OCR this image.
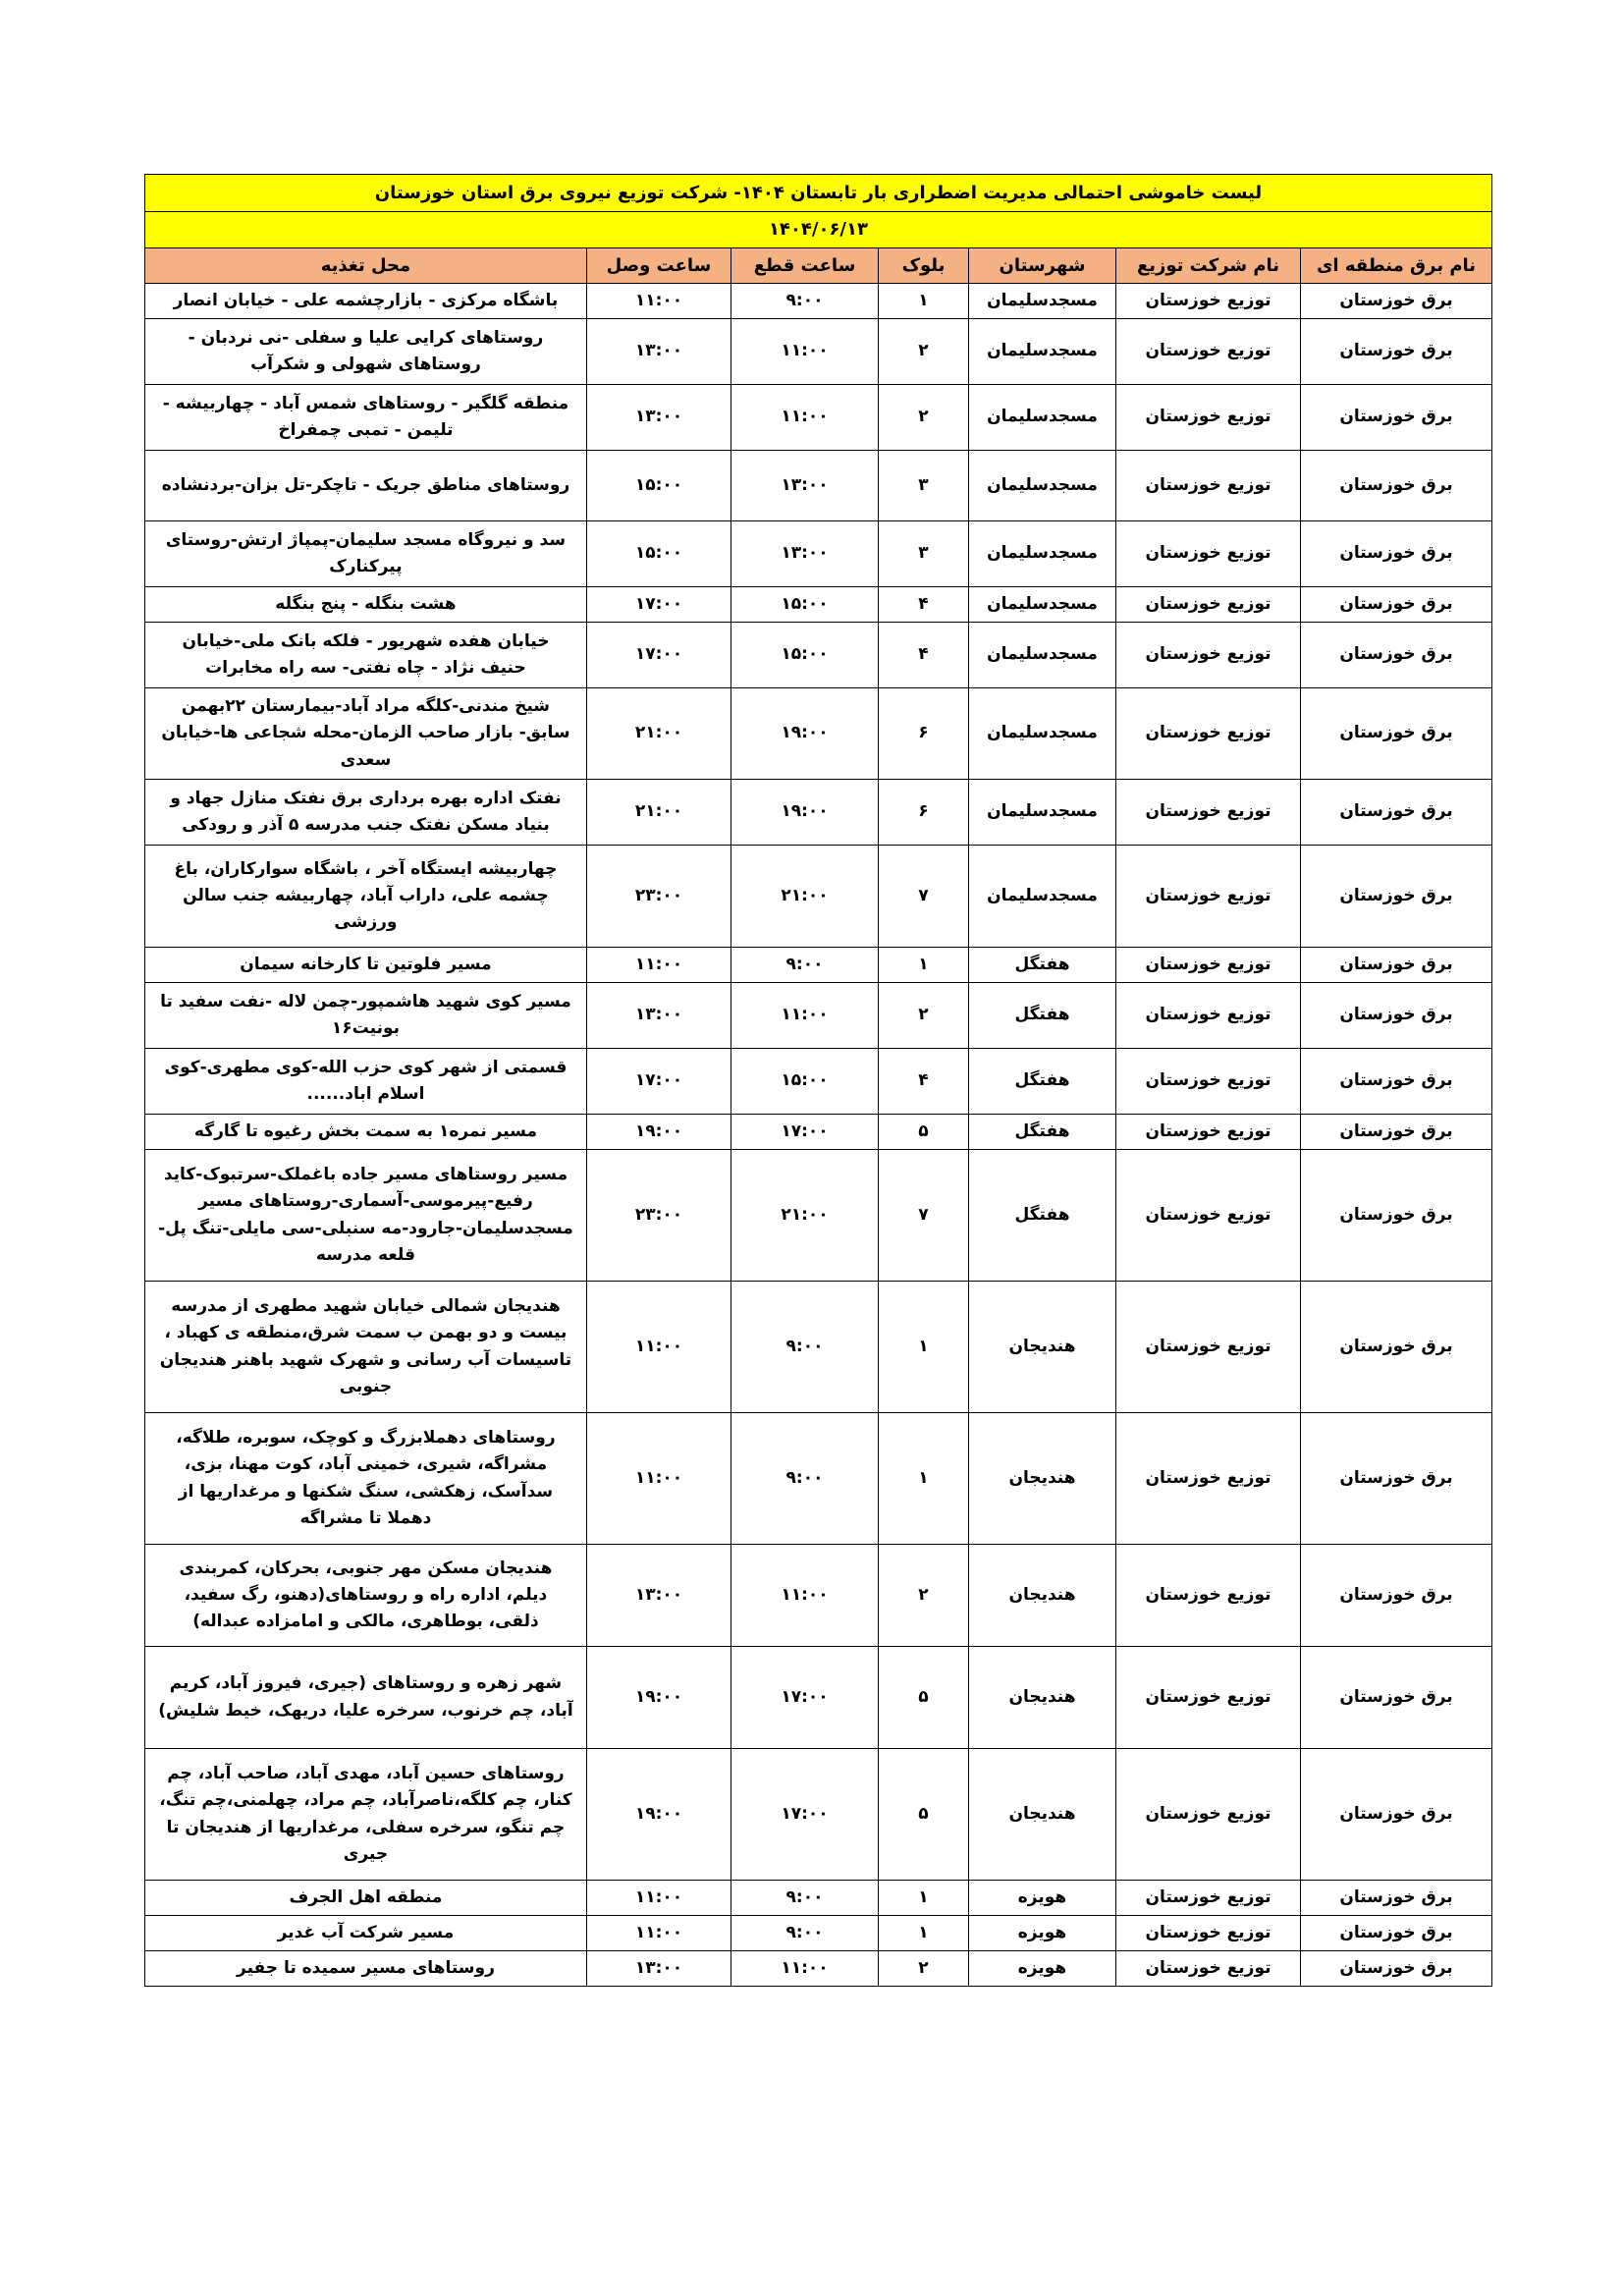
لیست خاموشی احتمالی مدیریت اضطراری بار تابستان ۱۴۰۴- شرکت توزیع نیروی برق استان خوزستان						
۱۴۰۴/۰۶/۱۳						
نام برق منطقه ای	نام شرکت توزیع	شهرستان	بلوک	ساعت قطع	ساعت وصل	محل تغذیه
برق خوزستان	توزیع خوزستان	مسجدسلیمان	۱	۹:۰۰	۱۱:۰۰	باشگاه مرکزی - بازارچشمه علی - خیابان انصار
برق خوزستان	توزیع خوزستان	مسجدسلیمان	۲	۱۱:۰۰	۱۳:۰۰	روستاهای کرایی علیا و سفلی -نی نردبان - روستاهای شهولی و شکرآب
برق خوزستان	توزیع خوزستان	مسجدسلیمان	۲	۱۱:۰۰	۱۳:۰۰	منطقه گلگیر - روستاهای شمس آباد - چهاربیشه - تلیمن - تمبی چمفراخ
برق خوزستان	توزیع خوزستان	مسجدسلیمان	۳	۱۳:۰۰	۱۵:۰۰	روستاهای مناطق جریک - تاچکر-تل بزان-بردنشاده
برق خوزستان	توزیع خوزستان	مسجدسلیمان	۳	۱۳:۰۰	۱۵:۰۰	سد و نیروگاه مسجد سلیمان-پمپاژ ارتش-روستای پیرکنارک
برق خوزستان	توزیع خوزستان	مسجدسلیمان	۴	۱۵:۰۰	۱۷:۰۰	هشت بنگله - پنج بنگله
برق خوزستان	توزیع خوزستان	مسجدسلیمان	۴	۱۵:۰۰	۱۷:۰۰	خیابان هفده شهریور - فلکه بانک ملی-خیابان حنیف نژاد - چاه نفتی- سه راه مخابرات
برق خوزستان	توزیع خوزستان	مسجدسلیمان	۶	۱۹:۰۰	۲۱:۰۰	شیخ مندنی-کلگه مراد آباد-بیمارستان ۲۲بهمن سابق- بازار صاحب الزمان-محله شجاعی ها-خیابان سعدی
برق خوزستان	توزیع خوزستان	مسجدسلیمان	۶	۱۹:۰۰	۲۱:۰۰	نفتک اداره بهره برداری برق نفتک منازل جهاد و بنیاد مسکن نفتک جنب مدرسه ۵ آذر و رودکی
برق خوزستان	توزیع خوزستان	مسجدسلیمان	۷	۲۱:۰۰	۲۳:۰۰	چهاربیشه ایستگاه آخر ، باشگاه سوارکاران، باغ چشمه علی، داراب آباد، چهاربیشه جنب سالن ورزشی
برق خوزستان	توزیع خوزستان	هفتگل	۱	۹:۰۰	۱۱:۰۰	مسیر فلوتین تا کارخانه سیمان
برق خوزستان	توزیع خوزستان	هفتگل	۲	۱۱:۰۰	۱۳:۰۰	مسیر کوی شهید هاشمپور-چمن لاله -نفت سفید تا بونیت۱۶
برق خوزستان	توزیع خوزستان	هفتگل	۴	۱۵:۰۰	۱۷:۰۰	قسمتی از شهر کوی حزب الله-کوی مطهری-کوی اسلام اباد......
برق خوزستان	توزیع خوزستان	هفتگل	۵	۱۷:۰۰	۱۹:۰۰	مسیر نمره۱ به سمت بخش رغیوه تا گارگه
برق خوزستان	توزیع خوزستان	هفتگل	۷	۲۱:۰۰	۲۳:۰۰	مسیر روستاهای مسیر جاده باغملک-سرتبوک-کاید رفیع-پیرموسی-آسماری-روستاهای مسیر مسجدسلیمان-جارود-مه سنبلی-سی مایلی-تنگ پل- قلعه مدرسه
برق خوزستان	توزیع خوزستان	هندیجان	۱	۹:۰۰	۱۱:۰۰	هندیجان شمالی خیابان شهید مطهری از مدرسه بیست و دو بهمن ب سمت شرق،منطقه ی کهباد ، تاسیسات آب رسانی و شهرک شهید باهنر هندیجان جنوبی
برق خوزستان	توزیع خوزستان	هندیجان	۱	۹:۰۰	۱۱:۰۰	روستاهای دهملابزرگ و کوچک، سوبره، طلاگه، مشراگه، شیری، خمینی آباد، کوت مهنا، بزی، سدآسک، زهکشی، سنگ شکنها و مرغداریها از دهملا تا مشراگه
برق خوزستان	توزیع خوزستان	هندیجان	۲	۱۱:۰۰	۱۳:۰۰	هندیجان مسکن مهر جنوبی، بحرکان، کمربندی دیلم، اداره راه و روستاهای(دهنو، رگ سفید، ذلقی، بوطاهری، مالکی و امامزاده عبداله)
برق خوزستان	توزیع خوزستان	هندیجان	۵	۱۷:۰۰	۱۹:۰۰	شهر زهره و روستاهای (جیری، فیروز آباد، کریم آباد، چم خرنوب، سرخره علیا، دریهک، خیط شلیش)
برق خوزستان	توزیع خوزستان	هندیجان	۵	۱۷:۰۰	۱۹:۰۰	روستاهای حسین آباد، مهدی آباد، صاحب آباد، چم کنار، چم کلگه،ناصرآباد، چم مراد، چهلمنی،چم تنگ، چم تنگو، سرخره سفلی، مرغداریها از هندیجان تا جیری
برق خوزستان	توزیع خوزستان	هویزه	۱	۹:۰۰	۱۱:۰۰	منطقه اهل الجرف
برق خوزستان	توزیع خوزستان	هویزه	۱	۹:۰۰	۱۱:۰۰	مسیر شرکت آب غدیر
برق خوزستان	توزیع خوزستان	هویزه	۲	۱۱:۰۰	۱۳:۰۰	روستاهای مسیر سمیده تا جفیر
